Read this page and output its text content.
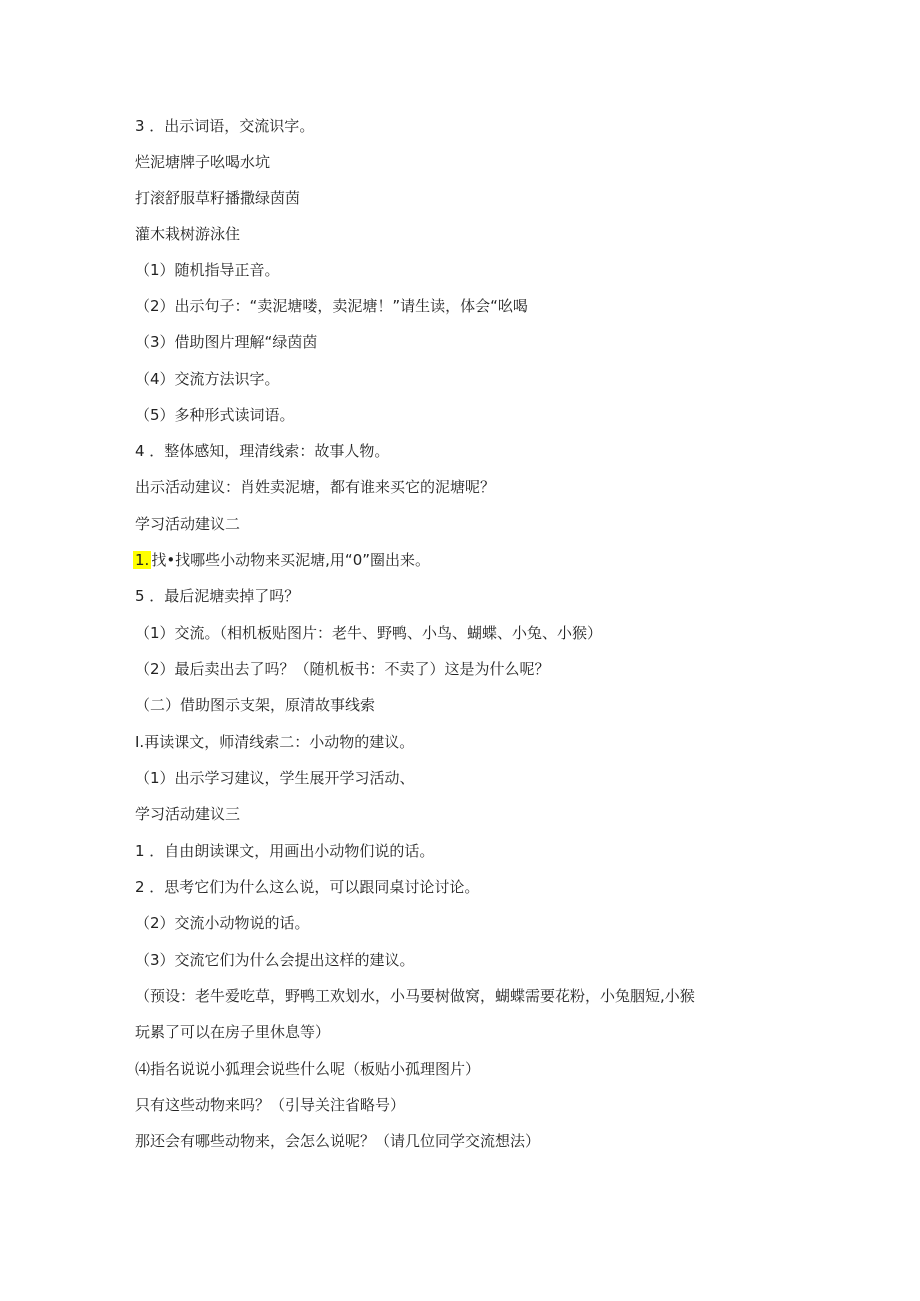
3 ．出示词语，交流识字。
烂泥塘牌子吆喝水坑
打滚舒服草籽播撒绿茵茵
灌木栽树游泳住
（1）随机指导正音。
（2）出示句子：“卖泥塘喽，卖泥塘！”请生读，体会“吆喝
（3）借助图片理解“绿茵茵
（4）交流方法识字。
（5）多种形式读词语。
4 ．整体感知，理清线索：故事人物。
出示活动建议：肖姓卖泥塘，都有谁来买它的泥塘呢？
学习活动建议二
1. 找•找哪些小动物来买泥塘,用“0”圈出来。
5 ．最后泥塘卖掉了吗？
（1）交流。（相机板贴图片：老牛、野鸭、小鸟、蝴蝶、小兔、小猴）
（2）最后卖出去了吗？（随机板书：不卖了）这是为什么呢？
（二）借助图示支架，原清故事线索
I.再读课文，师清线索二：小动物的建议。
（1）出示学习建议，学生展开学习活动、
学习活动建议三
1 ．自由朗读课文，用画出小动物们说的话。
2 ．思考它们为什么这么说，可以跟同桌讨论讨论。
（2）交流小动物说的话。
（3）交流它们为什么会提出这样的建议。
（预设：老牛爱吃草，野鸭工欢划水，小马要树做窝，蝴蝶需要花粉，小兔胭短,小猴
玩累了可以在房子里休息等）
⑷指名说说小狐理会说些什么呢（板贴小孤理图片）
只有这些动物来吗？（引导关注省略号）
那还会有哪些动物来，会怎么说呢？（请几位同学交流想法）
